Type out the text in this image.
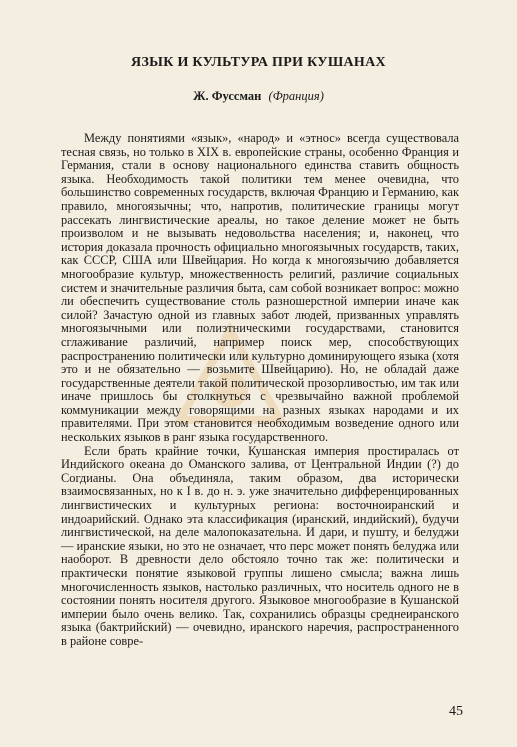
ЯЗЫК И КУЛЬТУРА ПРИ КУШАНАХ
Ж. Фуссман (Франция)

Между понятиями «язык», «народ» и «этнос» всегда существовала тесная связь, но только в XIX в. европейские страны, особенно Франция и Германия, стали в основу национального единства ставить общность языка. Необходимость такой политики тем менее очевидна, что большинство современных государств, включая Францию и Германию, как правило, многоязычны; что, напротив, политические границы могут рассекать лингвистические ареалы, но такое деление может не быть произволом и не вызывать недовольства населения; и, наконец, что история доказала прочность официально многоязычных государств, таких, как СССР, США или Швейцария. Но когда к многоязычию добавляется многообразие культур, множественность религий, различие социальных систем и значительные различия быта, сам собой возникает вопрос: можно ли обеспечить существование столь разношерстной империи иначе как силой? Зачастую одной из главных забот людей, призванных управлять многоязычными или полиэтническими государствами, становится сглаживание различий, например поиск мер, способствующих распространению политически или культурно доминирующего языка (хотя это и не обязательно — возьмите Швейцарию). Но, не обладай даже государственные деятели такой политической прозорливостью, им так или иначе пришлось бы столкнуться с чрезвычайно важной проблемой коммуникации между говорящими на разных языках народами и их правителями. При этом становится необходимым возведение одного или нескольких языков в ранг языка государственного.

Если брать крайние точки, Кушанская империя простиралась от Индийского океана до Оманского залива, от Центральной Индии (?) до Согдианы. Она объединяла, таким образом, два исторически взаимосвязанных, но к I в. до н. э. уже значительно дифференцированных лингвистических и культурных региона: восточноиранский и индоарийский. Однако эта классификация (иранский, индийский), будучи лингвистической, на деле малопоказательна. И дари, и пушту, и белуджи — иранские языки, но это не означает, что перс может понять белуджа или наоборот. В древности дело обстояло точно так же: политически и практически понятие языковой группы лишено смысла; важна лишь многочисленность языков, настолько различных, что носитель одного не в состоянии понять носителя другого. Языковое многообразие в Кушанской империи было очень велико. Так, сохранились образцы среднеиранского языка (бактрийский) — очевидно, иранского наречия, распространенного в районе совре-

45
